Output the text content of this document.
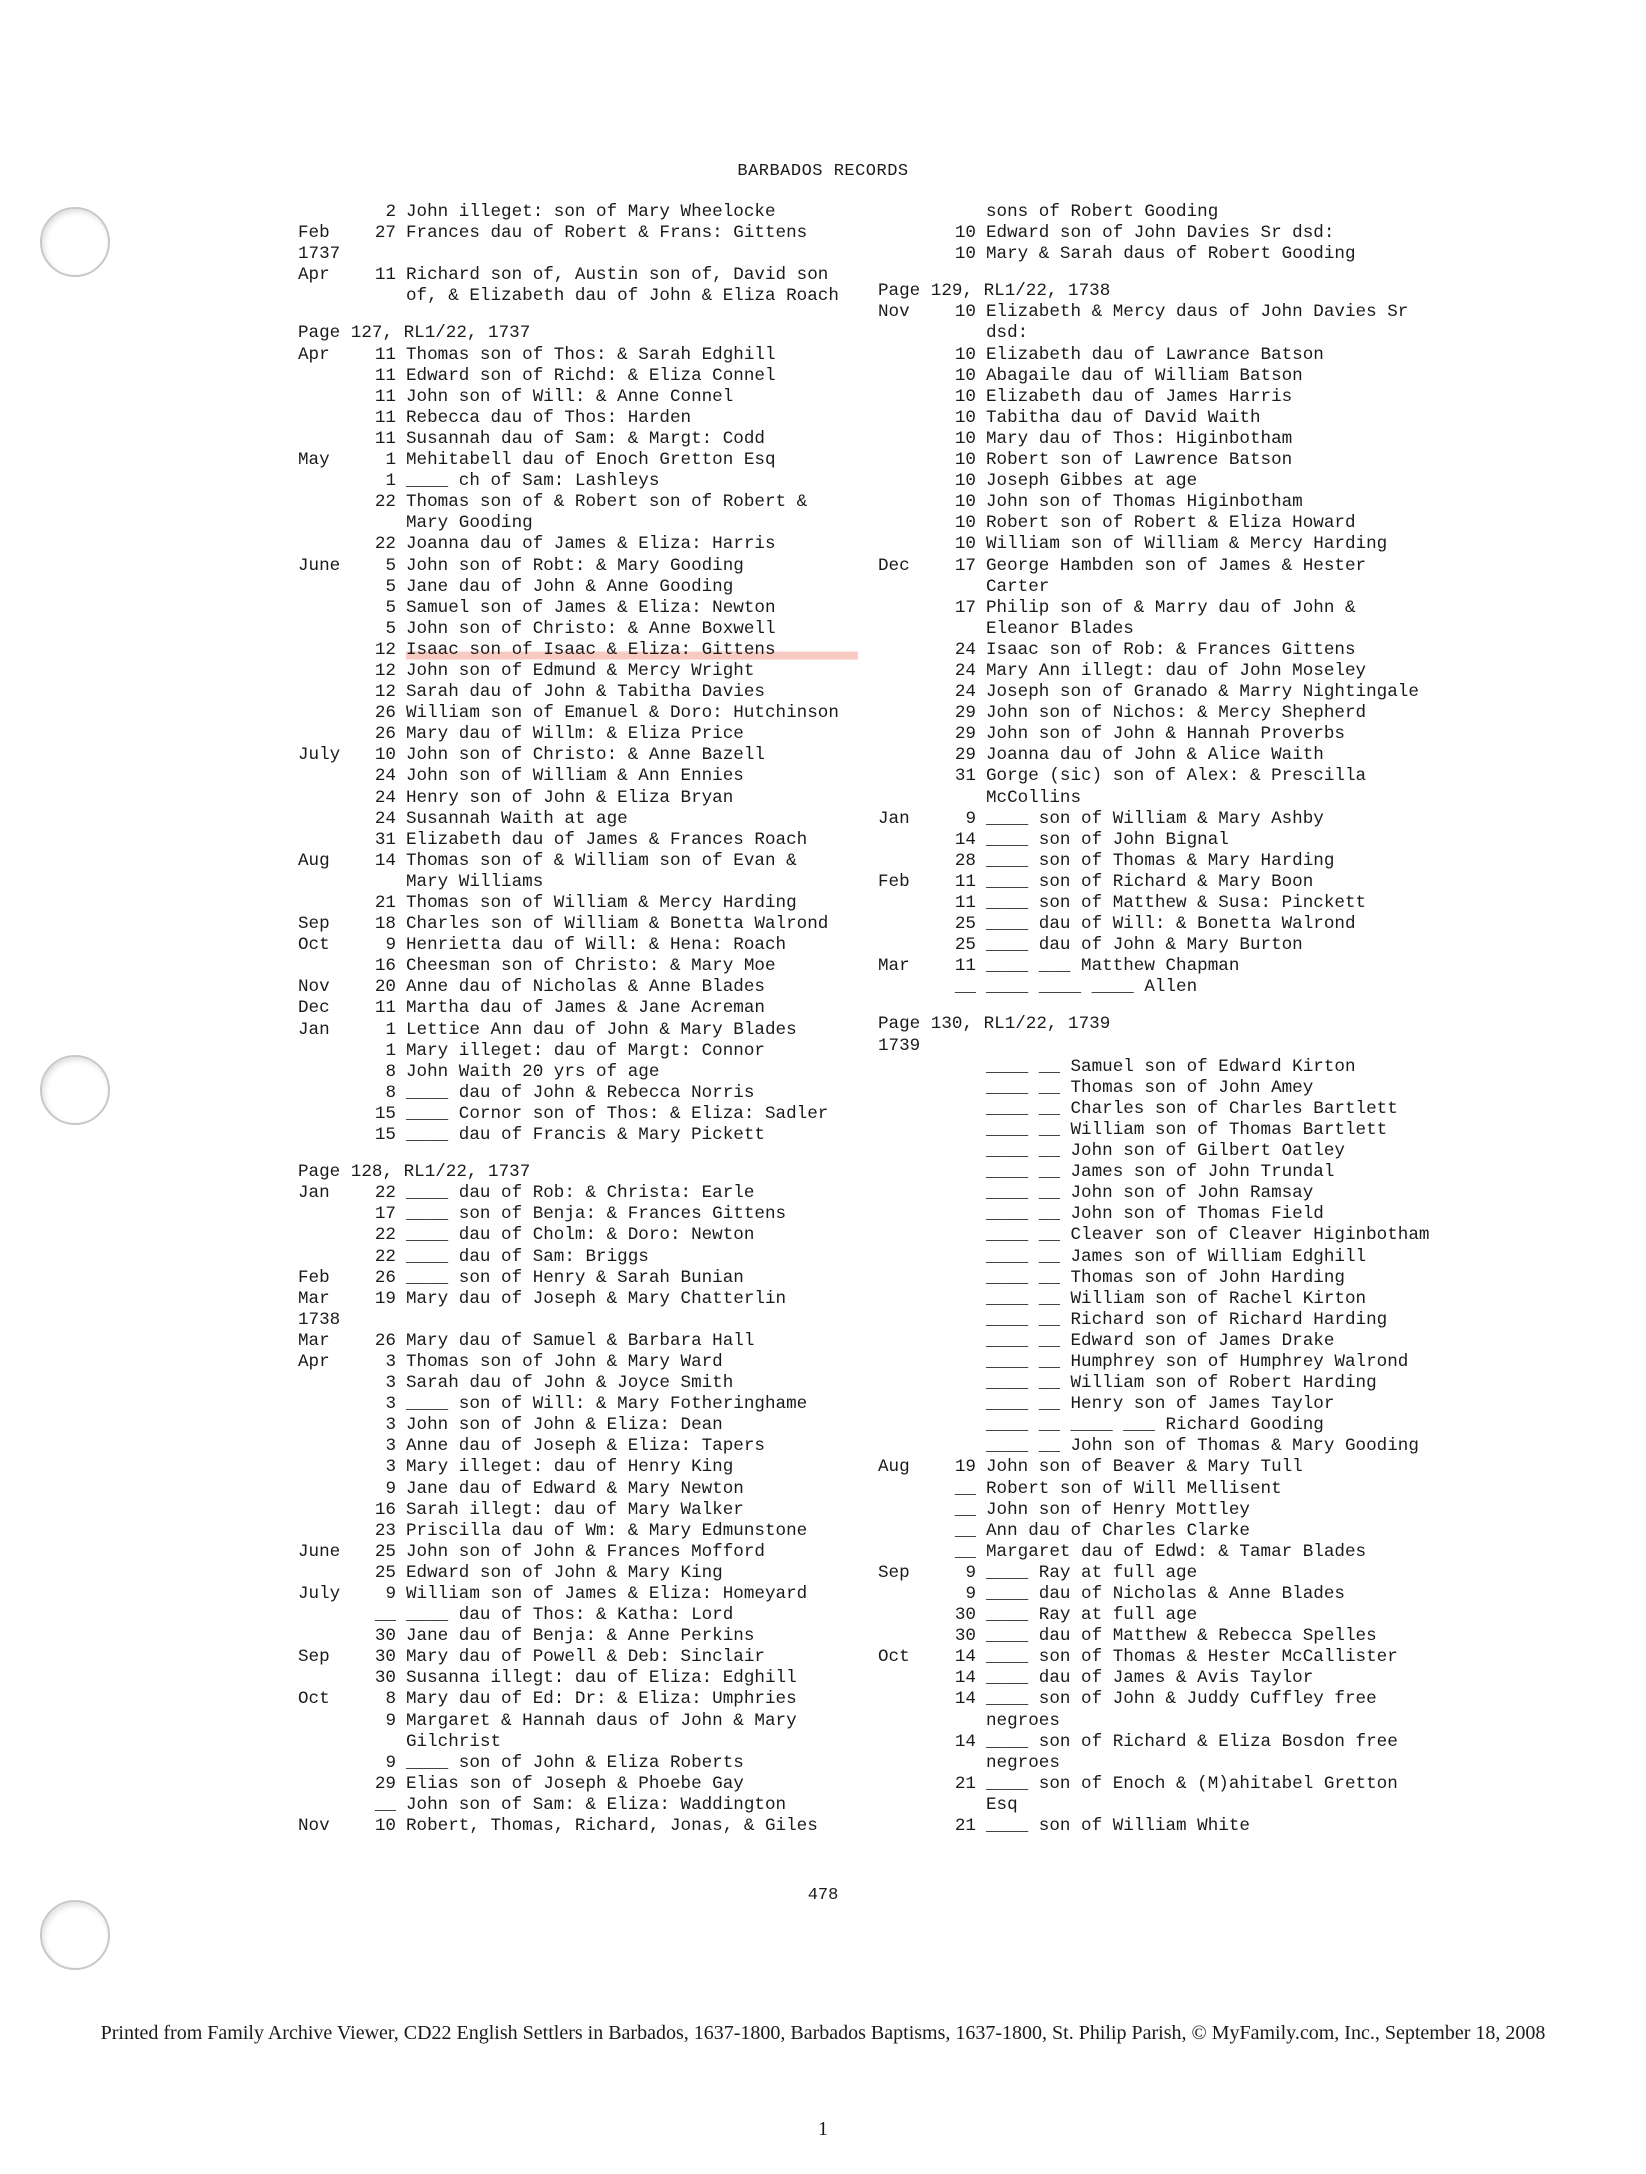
BARBADOS RECORDS
2 John illeget: son of Mary Wheelocke
Feb	27 Frances dau of Robert & Frans: Gittens
1737
Apr	11 Richard son of, Austin son of, David son
of, & Elizabeth dau of John & Eliza Roach
Page 127, RL1/22, 1737
Apr	11 Thomas son of Thos: & Sarah Edghill
11 Edward son of Richd: & Eliza Connel
11 John son of Will: & Anne Connel
11 Rebecca dau of Thos: Harden
11 Susannah dau of Sam: & Margt: Codd
May	1 Mehitabell dau of Enoch Gretton Esq
1 ____ ch of Sam: Lashleys
22 Thomas son of & Robert son of Robert &
Mary Gooding
22 Joanna dau of James & Eliza: Harris
June	5 John son of Robt: & Mary Gooding
5 Jane dau of John & Anne Gooding
5 Samuel son of James & Eliza: Newton
5 John son of Christo: & Anne Boxwell
12 Isaac son of Isaac & Eliza: Gittens
12 John son of Edmund & Mercy Wright
12 Sarah dau of John & Tabitha Davies
26 William son of Emanuel & Doro: Hutchinson
26 Mary dau of Willm: & Eliza Price
July	10 John son of Christo: & Anne Bazell
24 John son of William & Ann Ennies
24 Henry son of John & Eliza Bryan
24 Susannah Waith at age
31 Elizabeth dau of James & Frances Roach
Aug	14 Thomas son of & William son of Evan &
Mary Williams
21 Thomas son of William & Mercy Harding
Sep	18 Charles son of William & Bonetta Walrond
Oct	9 Henrietta dau of Will: & Hena: Roach
16 Cheesman son of Christo: & Mary Moe
Nov	20 Anne dau of Nicholas & Anne Blades
Dec	11 Martha dau of James & Jane Acreman
Jan	1 Lettice Ann dau of John & Mary Blades
1 Mary illeget: dau of Margt: Connor
8 John Waith 20 yrs of age
8 ____ dau of John & Rebecca Norris
15 ____ Cornor son of Thos: & Eliza: Sadler
15 ____ dau of Francis & Mary Pickett
Page 128, RL1/22, 1737
Jan	22 ____ dau of Rob: & Christa: Earle
17 ____ son of Benja: & Frances Gittens
22 ____ dau of Cholm: & Doro: Newton
22 ____ dau of Sam: Briggs
Feb	26 ____ son of Henry & Sarah Bunian
Mar	19 Mary dau of Joseph & Mary Chatterlin
1738
Mar	26 Mary dau of Samuel & Barbara Hall
Apr	3 Thomas son of John & Mary Ward
3 Sarah dau of John & Joyce Smith
3 ____ son of Will: & Mary Fotheringhame
3 John son of John & Eliza: Dean
3 Anne dau of Joseph & Eliza: Tapers
3 Mary illeget: dau of Henry King
9 Jane dau of Edward & Mary Newton
16 Sarah illegt: dau of Mary Walker
23 Priscilla dau of Wm: & Mary Edmunstone
June	25 John son of John & Frances Mofford
25 Edward son of John & Mary King
July	9 William son of James & Eliza: Homeyard
__ ____ dau of Thos: & Katha: Lord
30 Jane dau of Benja: & Anne Perkins
Sep	30 Mary dau of Powell & Deb: Sinclair
30 Susanna illegt: dau of Eliza: Edghill
Oct	8 Mary dau of Ed: Dr: & Eliza: Umphries
9 Margaret & Hannah daus of John & Mary
Gilchrist
9 ____ son of John & Eliza Roberts
29 Elias son of Joseph & Phoebe Gay
__ John son of Sam: & Eliza: Waddington
Nov	10 Robert, Thomas, Richard, Jonas, & Giles
sons of Robert Gooding
10 Edward son of John Davies Sr dsd:
10 Mary & Sarah daus of Robert Gooding
Page 129, RL1/22, 1738
Nov	10 Elizabeth & Mercy daus of John Davies Sr
dsd:
10 Elizabeth dau of Lawrance Batson
10 Abagaile dau of William Batson
10 Elizabeth dau of James Harris
10 Tabitha dau of David Waith
10 Mary dau of Thos: Higinbotham
10 Robert son of Lawrence Batson
10 Joseph Gibbes at age
10 John son of Thomas Higinbotham
10 Robert son of Robert & Eliza Howard
10 William son of William & Mercy Harding
Dec	17 George Hambden son of James & Hester
Carter
17 Philip son of & Marry dau of John &
Eleanor Blades
24 Isaac son of Rob: & Frances Gittens
24 Mary Ann illegt: dau of John Moseley
24 Joseph son of Granado & Marry Nightingale
29 John son of Nichos: & Mercy Shepherd
29 John son of John & Hannah Proverbs
29 Joanna dau of John & Alice Waith
31 Gorge (sic) son of Alex: & Prescilla
McCollins
Jan	9 ____ son of William & Mary Ashby
14 ____ son of John Bignal
28 ____ son of Thomas & Mary Harding
Feb	11 ____ son of Richard & Mary Boon
11 ____ son of Matthew & Susa: Pinckett
25 ____ dau of Will: & Bonetta Walrond
25 ____ dau of John & Mary Burton
Mar	11 ____ ___ Matthew Chapman
__ ____ ____ ____ Allen
Page 130, RL1/22, 1739
1739
____ __ Samuel son of Edward Kirton
____ __ Thomas son of John Amey
____ __ Charles son of Charles Bartlett
____ __ William son of Thomas Bartlett
____ __ John son of Gilbert Oatley
____ __ James son of John Trundal
____ __ John son of John Ramsay
____ __ John son of Thomas Field
____ __ Cleaver son of Cleaver Higinbotham
____ __ James son of William Edghill
____ __ Thomas son of John Harding
____ __ William son of Rachel Kirton
____ __ Richard son of Richard Harding
____ __ Edward son of James Drake
____ __ Humphrey son of Humphrey Walrond
____ __ William son of Robert Harding
____ __ Henry son of James Taylor
____ __ ____ ___ Richard Gooding
____ __ John son of Thomas & Mary Gooding
Aug	19 John son of Beaver & Mary Tull
__ Robert son of Will Mellisent
__ John son of Henry Mottley
__ Ann dau of Charles Clarke
__ Margaret dau of Edwd: & Tamar Blades
Sep	9 ____ Ray at full age
9 ____ dau of Nicholas & Anne Blades
30 ____ Ray at full age
30 ____ dau of Matthew & Rebecca Spelles
Oct	14 ____ son of Thomas & Hester McCallister
14 ____ dau of James & Avis Taylor
14 ____ son of John & Juddy Cuffley free
negroes
14 ____ son of Richard & Eliza Bosdon free
negroes
21 ____ son of Enoch & (M)ahitabel Gretton
Esq
21 ____ son of William White
478
Printed from Family Archive Viewer, CD22 English Settlers in Barbados, 1637-1800, Barbados Baptisms, 1637-1800, St. Philip Parish, © MyFamily.com, Inc., September 18, 2008
1
